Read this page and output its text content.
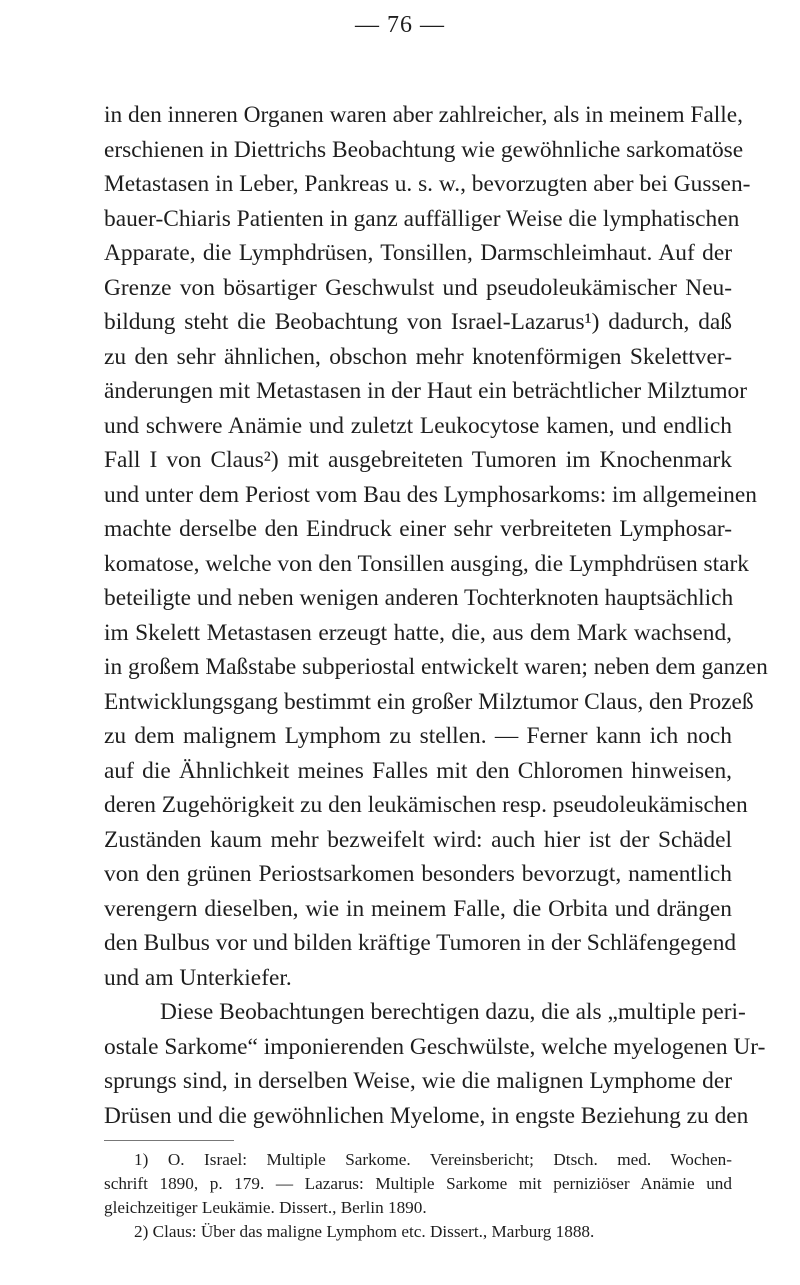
— 76 —
in den inneren Organen waren aber zahlreicher, als in meinem Falle,
erschienen in Diettrichs Beobachtung wie gewöhnliche sarkomatöse
Metastasen in Leber, Pankreas u. s. w., bevorzugten aber bei Gussen-
bauer-Chiaris Patienten in ganz auffälliger Weise die lymphatischen
Apparate, die Lymphdrüsen, Tonsillen, Darmschleimhaut. Auf der
Grenze von bösartiger Geschwulst und pseudoleukämischer Neu-
bildung steht die Beobachtung von Israel-Lazarus¹) dadurch, daß
zu den sehr ähnlichen, obschon mehr knotenförmigen Skelettver-
änderungen mit Metastasen in der Haut ein beträchtlicher Milztumor
und schwere Anämie und zuletzt Leukocytose kamen, und endlich
Fall I von Claus²) mit ausgebreiteten Tumoren im Knochenmark
und unter dem Periost vom Bau des Lymphosarkoms: im allgemeinen
machte derselbe den Eindruck einer sehr verbreiteten Lymphosar-
komatose, welche von den Tonsillen ausging, die Lymphdrüsen stark
beteiligte und neben wenigen anderen Tochterknoten hauptsächlich
im Skelett Metastasen erzeugt hatte, die, aus dem Mark wachsend,
in großem Maßstabe subperiostal entwickelt waren; neben dem ganzen
Entwicklungsgang bestimmt ein großer Milztumor Claus, den Prozeß
zu dem malignem Lymphom zu stellen. — Ferner kann ich noch
auf die Ähnlichkeit meines Falles mit den Chloromen hinweisen,
deren Zugehörigkeit zu den leukämischen resp. pseudoleukämischen
Zuständen kaum mehr bezweifelt wird: auch hier ist der Schädel
von den grünen Periostsarkomen besonders bevorzugt, namentlich
verengern dieselben, wie in meinem Falle, die Orbita und drängen
den Bulbus vor und bilden kräftige Tumoren in der Schläfengegend
und am Unterkiefer.
Diese Beobachtungen berechtigen dazu, die als „multiple peri-
ostale Sarkome“ imponierenden Geschwülste, welche myelogenen Ur-
sprungs sind, in derselben Weise, wie die malignen Lymphome der
Drüsen und die gewöhnlichen Myelome, in engste Beziehung zu den
1) O. Israel: Multiple Sarkome. Vereinsbericht; Dtsch. med. Wochen-
schrift 1890, p. 179. — Lazarus: Multiple Sarkome mit perniziöser Anämie und
gleichzeitiger Leukämie. Dissert., Berlin 1890.
2) Claus: Über das maligne Lymphom etc. Dissert., Marburg 1888.
